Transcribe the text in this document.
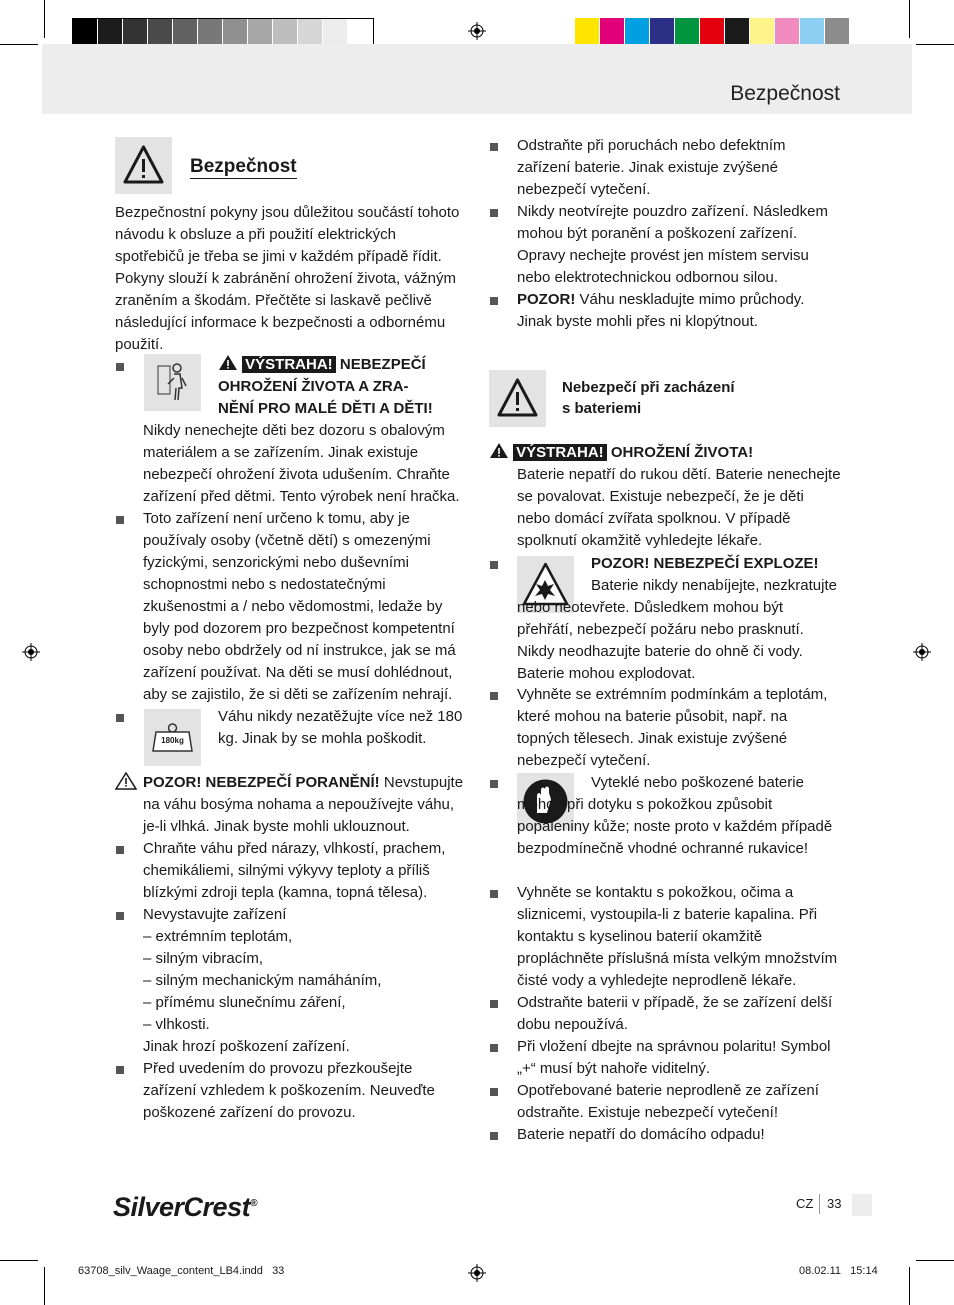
Bezpečnost
Bezpečnost

Bezpečnostní pokyny jsou důležitou součástí tohoto návodu k obsluze a při použití elektrických spotřebičů je třeba se jimi v každém případě řídit. Pokyny slouží k zabránění ohrožení života, vážným zraněním a škodám. Přečtěte si laskavě pečlivě následující informace k bezpečnosti a odbornému použití.

VÝSTRAHA! NEBEZPEČÍ

OHROŽENÍ ŽIVOTA A ZRA-

NĚNÍ PRO MALÉ DĚTI A DĚTI!

Nikdy nenechejte děti bez dozoru s obalovým materiálem a se zařízením. Jinak existuje nebezpečí ohrožení života udušením. Chraňte zařízení před dětmi. Tento výrobek není hračka.

Toto zařízení není určeno k tomu, aby je používaly osoby (včetně dětí) s omezenými fyzickými, senzorickými nebo duševními schopnostmi nebo s nedostatečnými zkušenostmi a / nebo vědomostmi, ledaže by byly pod dozorem pro bezpečnost kompetentní osoby nebo obdržely od ní instrukce, jak se má zařízení používat. Na děti se musí dohlédnout, aby se zajistilo, že si děti se zařízením nehrají.

180kg

Váhu nikdy nezatěžujte více než 180 kg. Jinak by se mohla poškodit.

POZOR! NEBEZPEČÍ PORANĚNÍ! Nevstupujte na váhu bosýma nohama a nepoužívejte váhu, je-li vlhká. Jinak byste mohli uklouznout.

Chraňte váhu před nárazy, vlhkostí, prachem, chemikáliemi, silnými výkyvy teploty a příliš blízkými zdroji tepla (kamna, topná tělesa).

Nevystavujte zařízení

– extrémním teplotám,

– silným vibracím,

– silným mechanickým namáháním,

– přímému slunečnímu záření,

– vlhkosti.

Jinak hrozí poškození zařízení.

Před uvedením do provozu přezkoušejte zařízení vzhledem k poškozením. Neuveďte poškozené zařízení do provozu.

Odstraňte při poruchách nebo defektním zařízení baterie. Jinak existuje zvýšené nebezpečí vytečení.

Nikdy neotvírejte pouzdro zařízení. Následkem mohou být poranění a poškození zařízení. Opravy nechejte provést jen místem servisu nebo elektrotechnickou odbornou silou.

POZOR! Váhu neskladujte mimo průchody. Jinak byste mohli přes ni klopýtnout.

Nebezpečí při zacházení

s bateriemi

VÝSTRAHA! OHROŽENÍ ŽIVOTA!

Baterie nepatří do rukou dětí. Baterie nenechejte se povalovat. Existuje nebezpečí, že je děti nebo domácí zvířata spolknou. V případě spolknutí okamžitě vyhledejte lékaře.

POZOR! NEBEZPEČÍ EXPLOZE!

Baterie nikdy nenabíjejte, nezkratujte nebo neotevřete. Důsledkem mohou být přehřátí, nebezpečí požáru nebo prasknutí. Nikdy neodhazujte baterie do ohně či vody. Baterie mohou explodovat.

Vyhněte se extrémním podmínkám a teplotám, které mohou na baterie působit, např. na topných tělesech. Jinak existuje zvýšené nebezpečí vytečení.

Vyteklé nebo poškozené baterie mohou při dotyku s pokožkou způsobit popáleniny kůže; noste proto v každém případě bezpodmínečně vhodné ochranné rukavice!

Vyhněte se kontaktu s pokožkou, očima a sliznicemi, vystoupila-li z baterie kapalina. Při kontaktu s kyselinou baterií okamžitě propláchněte příslušná místa velkým množstvím čisté vody a vyhledejte neprodleně lékaře.

Odstraňte baterii v případě, že se zařízení delší dobu nepoužívá.

Při vložení dbejte na správnou polaritu! Symbol „+“ musí být nahoře viditelný.

Opotřebované baterie neprodleně ze zařízení odstraňte. Existuje nebezpečí vytečení!

Baterie nepatří do domácího odpadu!

SilverCrest®	CZ 33
63708_silv_Waage_content_LB4.indd   33	08.02.11   15:14
